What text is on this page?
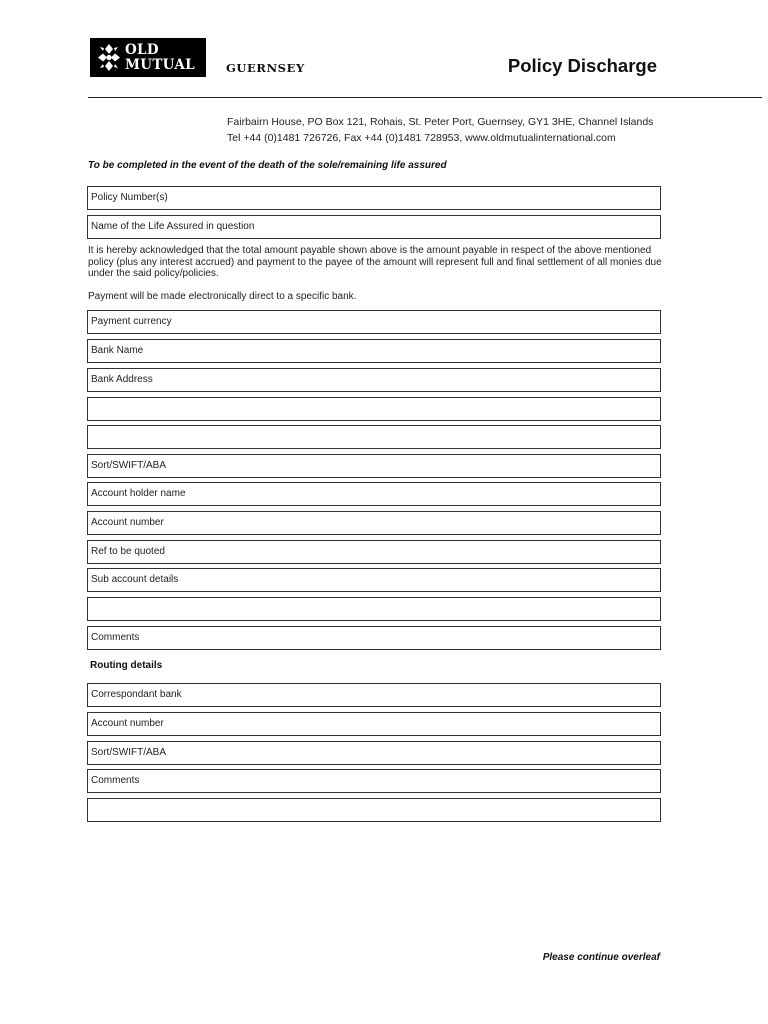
OLD
MUTUAL	GUERNSEY	Policy Discharge
Fairbairn House, PO Box 121, Rohais, St. Peter Port, Guernsey, GY1 3HE, Channel Islands
Tel +44 (0)1481 726726, Fax +44 (0)1481 728953, www.oldmutualinternational.com
To be completed in the event of the death of the sole/remaining life assured
Policy Number(s)
Name of the Life Assured in question
It is hereby acknowledged that the total amount payable shown above is the amount payable in respect of the above mentioned policy (plus any interest accrued) and payment to the payee of the amount will represent full and final settlement of all monies due under the said policy/policies.
Payment will be made electronically direct to a specific bank.
Payment currency
Bank Name
Bank Address
Sort/SWIFT/ABA
Account holder name
Account number
Ref to be quoted
Sub account details
Comments
Routing details
Correspondant bank
Account number
Sort/SWIFT/ABA
Comments
Please continue overleaf
